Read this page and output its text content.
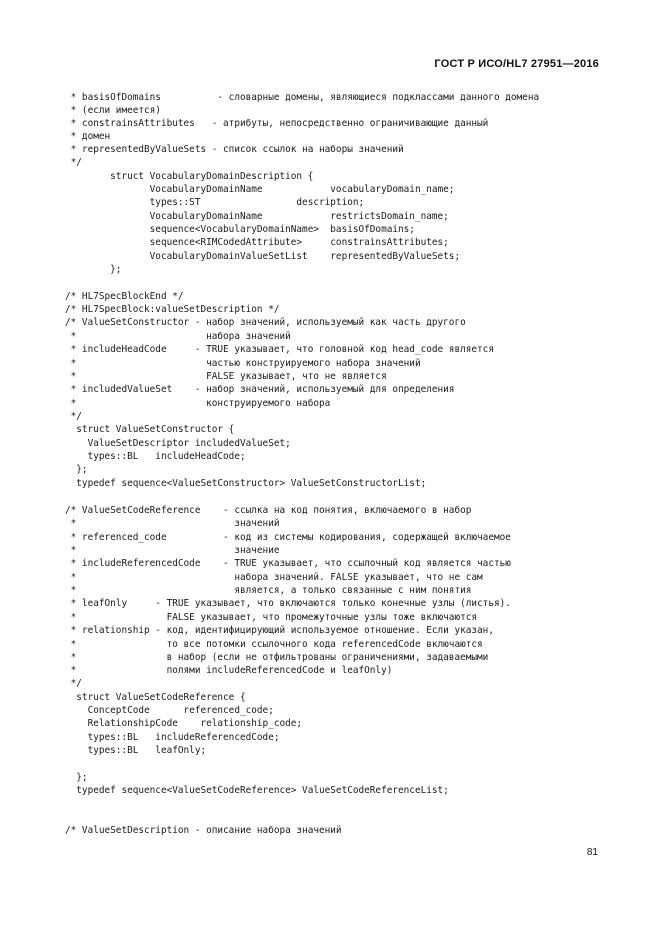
ГОСТ Р ИСО/HL7 27951—2016
* basisOfDomains          - словарные домены, являющиеся подклассами данного домена
* (если имеется)
* constrainsAttributes   - атрибуты, непосредственно ограничивающие данный
* домен
* representedByValueSets - список ссылок на наборы значений
*/
struct VocabularyDomainDescription {
VocabularyDomainName            vocabularyDomain_name;
types::ST                 description;
VocabularyDomainName            restrictsDomain_name;
sequence<VocabularyDomainName>  basisOfDomains;
sequence<RIMCodedAttribute>     constrainsAttributes;
VocabularyDomainValueSetList    representedByValueSets;
};
/* HL7SpecBlockEnd */
/* HL7SpecBlock:valueSetDescription */
/* ValueSetConstructor - набор значений, используемый как часть другого
*                       набора значений
* includeHeadCode     - TRUE указывает, что головной код head_code является
*                       частью конструируемого набора значений
*                       FALSE указывает, что не является
* includedValueSet    - набор значений, используемый для определения
*                       конструируемого набора
*/
struct ValueSetConstructor {
ValueSetDescriptor includedValueSet;
types::BL   includeHeadCode;
};
typedef sequence<ValueSetConstructor> ValueSetConstructorList;
/* ValueSetCodeReference    - ссылка на код понятия, включаемого в набор
*                            значений
* referenced_code          - код из системы кодирования, содержащей включаемое
*                            значение
* includeReferencedCode    - TRUE указывает, что ссылочный код является частью
*                            набора значений. FALSE указывает, что не сам
*                            является, а только связанные с ним понятия
* leafOnly     - TRUE указывает, что включаются только конечные узлы (листья).
*                FALSE указывает, что промежуточные узлы тоже включаются
* relationship - код, идентифицирующий используемое отношение. Если указан,
*                то все потомки ссылочного кода referencedCode включаются
*                в набор (если не отфильтрованы ограничениями, задаваемыми
*                полями includeReferencedCode и leafOnly)
*/
struct ValueSetCodeReference {
ConceptCode      referenced_code;
RelationshipCode    relationship_code;
types::BL   includeReferencedCode;
types::BL   leafOnly;
};
typedef sequence<ValueSetCodeReference> ValueSetCodeReferenceList;
/* ValueSetDescription - описание набора значений
81
